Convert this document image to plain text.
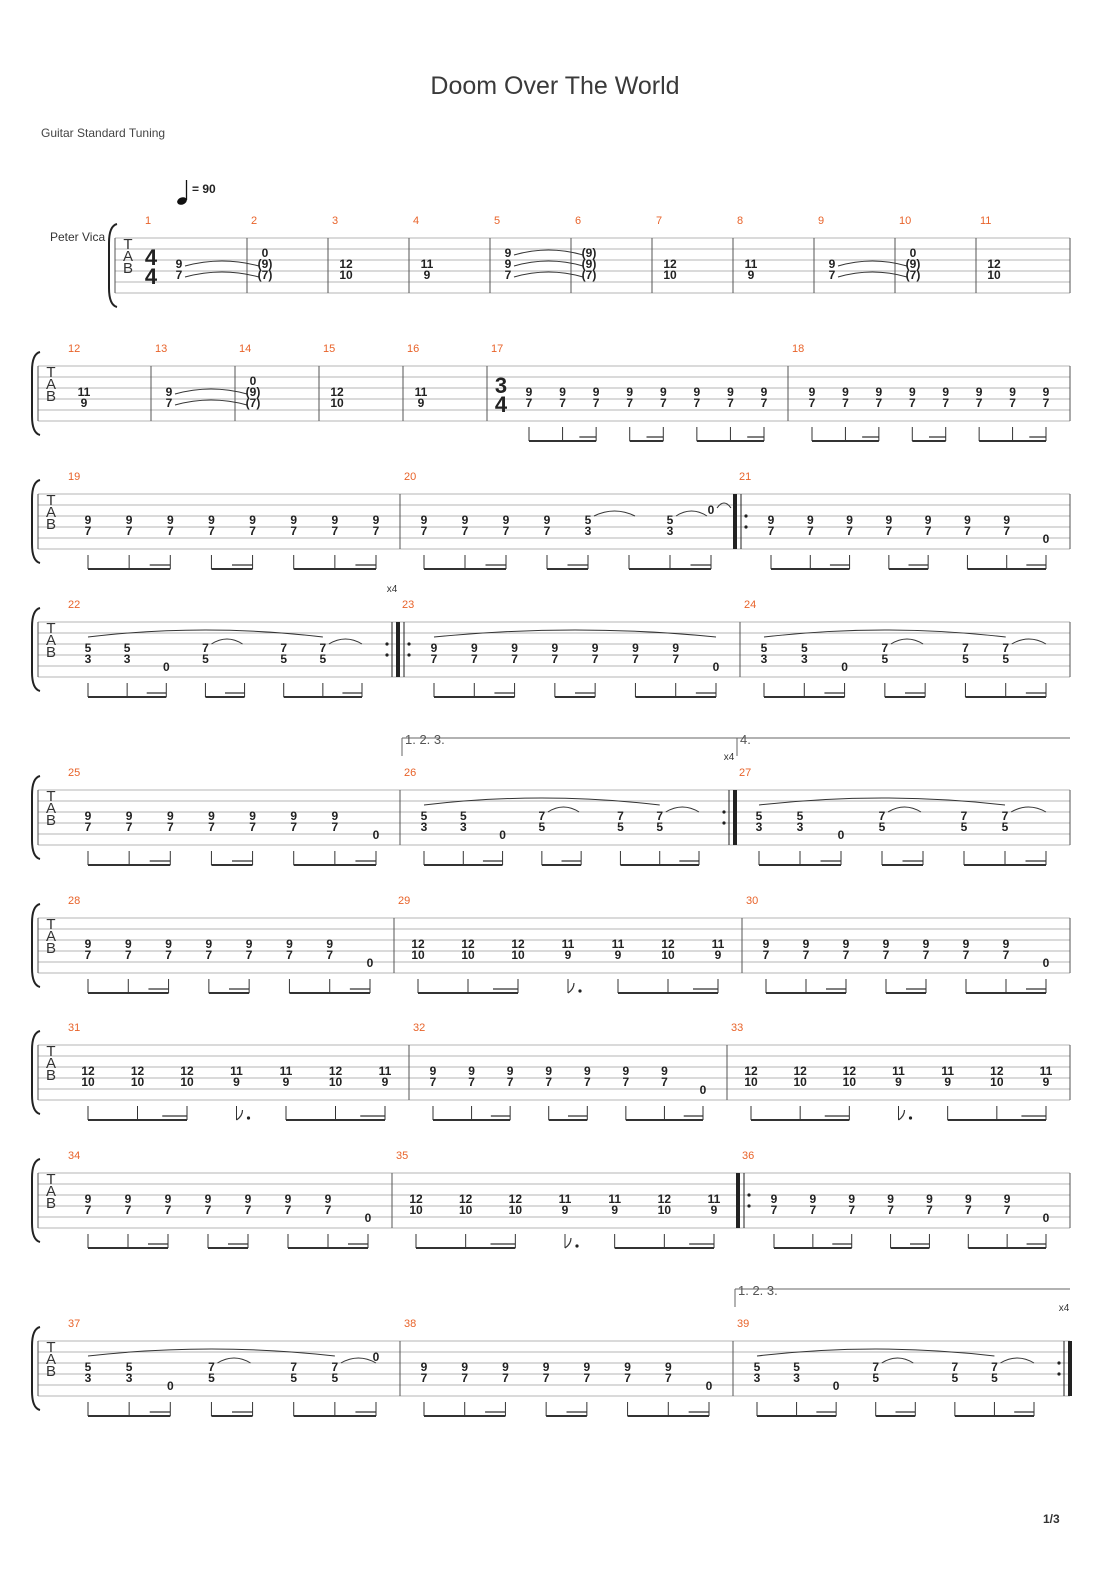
Doom Over The World
Guitar Standard Tuning
1/3
= 90
Peter Vica T
A
B
1
4
4 9
7
2
0
(9)
(7)
3
12
10
4
11
9
5
9
9
7
6
(9)
(9)
(7)
7
12
10
8
11
9
9
9
7
10
0
(9)
(7)
11
12
10
T
A
B
12
11
9
13
9
7
14
0
(9)
(7)
15
12
10
16
11
9
17
3
4 9
7
9
7
9
7
9
7
9
7
9
7
9
7
9
7
18
9
7
9
7
9
7
9
7
9
7
9
7
9
7
9
7
T
A
B
19
9
7
9
7
9
7
9
7
9
7
9
7
9
7
9
7
20
9
7
9
7
9
7
9
7
5
3
5
3
0
21
9
7
9
7
9
7
9
7
9
7
9
7
9
7
0
T
A
B
22
x4
5
3
5
3
0
7
5
7
5
7
5
23
9
7
9
7
9
7
9
7
9
7
9
7
9
7
0
24
5
3
5
3
0
7
5
7
5
7
5
T
A
B
25
9
7
9
7
9
7
9
7
9
7
9
7
9
7
0
26
x4
1. 2. 3.
5
3
5
3
0
7
5
7
5
7
5
27
4.
5
3
5
3
0
7
5
7
5
7
5
T
A
B
28
9
7
9
7
9
7
9
7
9
7
9
7
9
7
0
29
12
10
12
10
12
10
11
9
11
9
12
10
11
9
30
9
7
9
7
9
7
9
7
9
7
9
7
9
7
0
T
A
B
31
12
10
12
10
12
10
11
9
11
9
12
10
11
9
32
9
7
9
7
9
7
9
7
9
7
9
7
9
7
0
33
12
10
12
10
12
10
11
9
11
9
12
10
11
9
T
A
B
34
9
7
9
7
9
7
9
7
9
7
9
7
9
7
0
35
12
10
12
10
12
10
11
9
11
9
12
10
11
9
36
9
7
9
7
9
7
9
7
9
7
9
7
9
7
0
T
A
B
37
5
3
5
3
0
7
5
7
5
7
5
0
38
9
7
9
7
9
7
9
7
9
7
9
7
9
7
0
39
x4
1. 2. 3.
5
3
5
3
0
7
5
7
5
7
5
